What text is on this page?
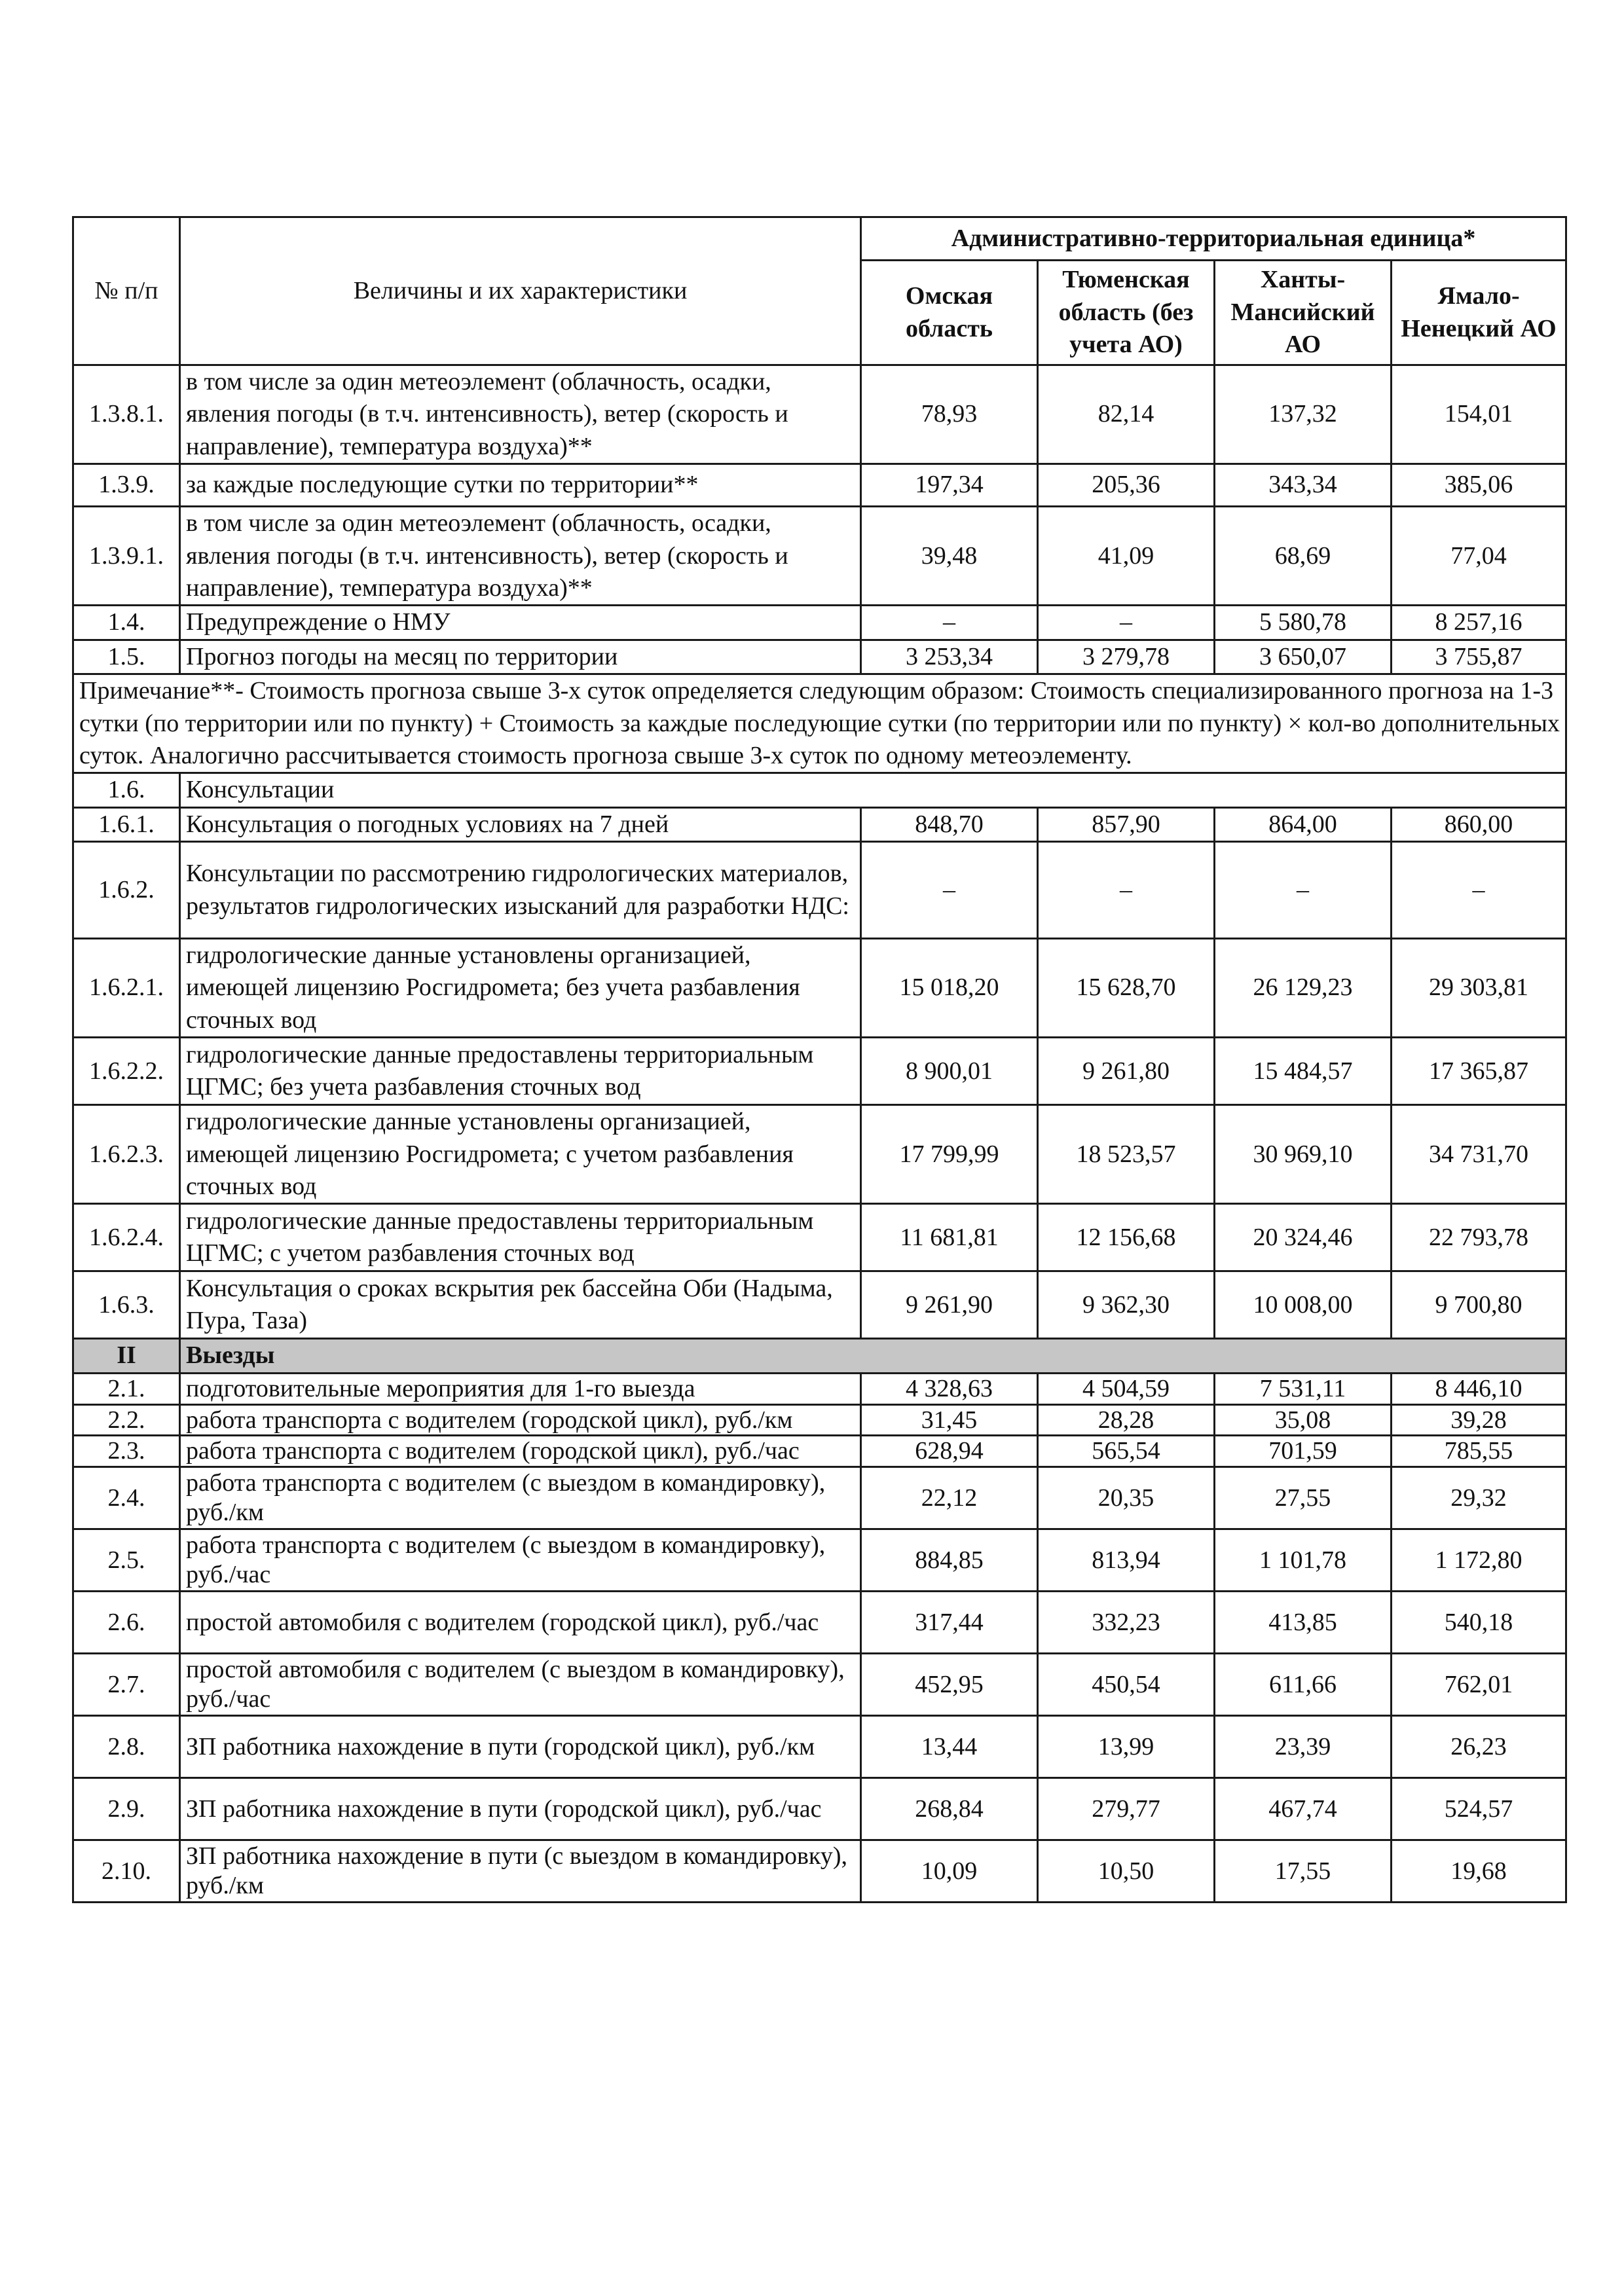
№ п/п	Величины и их характеристики	Административно-территориальная единица*			
		Омская область	Тюменская область (без учета АО)	Ханты-Мансийский АО	Ямало-Ненецкий АО
1.3.8.1.	в том числе за один метеоэлемент (облачность, осадки, явления погоды (в т.ч. интенсивность), ветер (скорость и направление), температура воздуха)**	78,93	82,14	137,32	154,01
1.3.9.	за каждые последующие сутки по территории**	197,34	205,36	343,34	385,06
1.3.9.1.	в том числе за один метеоэлемент (облачность, осадки, явления погоды (в т.ч. интенсивность), ветер (скорость и направление), температура воздуха)**	39,48	41,09	68,69	77,04
1.4.	Предупреждение о НМУ	–	–	5 580,78	8 257,16
1.5.	Прогноз погоды на месяц по территории	3 253,34	3 279,78	3 650,07	3 755,87
Примечание**- Стоимость прогноза свыше 3-х суток определяется следующим образом: Стоимость специализированного прогноза на 1-3 сутки (по территории или по пункту) + Стоимость за каждые последующие сутки (по территории или по пункту) × кол-во дополнительных суток. Аналогично рассчитывается стоимость прогноза свыше 3-х суток по одному метеоэлементу.					
1.6.	Консультации				
1.6.1.	Консультация о погодных условиях на 7 дней	848,70	857,90	864,00	860,00
1.6.2.	Консультации по рассмотрению гидрологических материалов, результатов гидрологических изысканий для разработки НДС:	–	–	–	–
1.6.2.1.	гидрологические данные установлены организацией, имеющей лицензию Росгидромета; без учета разбавления сточных вод	15 018,20	15 628,70	26 129,23	29 303,81
1.6.2.2.	гидрологические данные предоставлены территориальным ЦГМС; без учета разбавления сточных вод	8 900,01	9 261,80	15 484,57	17 365,87
1.6.2.3.	гидрологические данные установлены организацией, имеющей лицензию Росгидромета; с учетом разбавления сточных вод	17 799,99	18 523,57	30 969,10	34 731,70
1.6.2.4.	гидрологические данные предоставлены территориальным ЦГМС; с учетом разбавления сточных вод	11 681,81	12 156,68	20 324,46	22 793,78
1.6.3.	Консультация о сроках вскрытия рек бассейна Оби (Надыма, Пура, Таза)	9 261,90	9 362,30	10 008,00	9 700,80
II	Выезды				
2.1.	подготовительные мероприятия для 1-го выезда	4 328,63	4 504,59	7 531,11	8 446,10
2.2.	работа транспорта с водителем (городской цикл), руб./км	31,45	28,28	35,08	39,28
2.3.	работа транспорта с водителем (городской цикл), руб./час	628,94	565,54	701,59	785,55
2.4.	работа транспорта с водителем (с выездом в командировку), руб./км	22,12	20,35	27,55	29,32
2.5.	работа транспорта с водителем (с выездом в командировку), руб./час	884,85	813,94	1 101,78	1 172,80
2.6.	простой автомобиля с водителем (городской цикл), руб./час	317,44	332,23	413,85	540,18
2.7.	простой автомобиля с водителем (с выездом в командировку), руб./час	452,95	450,54	611,66	762,01
2.8.	ЗП работника нахождение в пути (городской цикл), руб./км	13,44	13,99	23,39	26,23
2.9.	ЗП работника нахождение в пути (городской цикл), руб./час	268,84	279,77	467,74	524,57
2.10.	ЗП работника нахождение в пути (с выездом в командировку), руб./км	10,09	10,50	17,55	19,68
